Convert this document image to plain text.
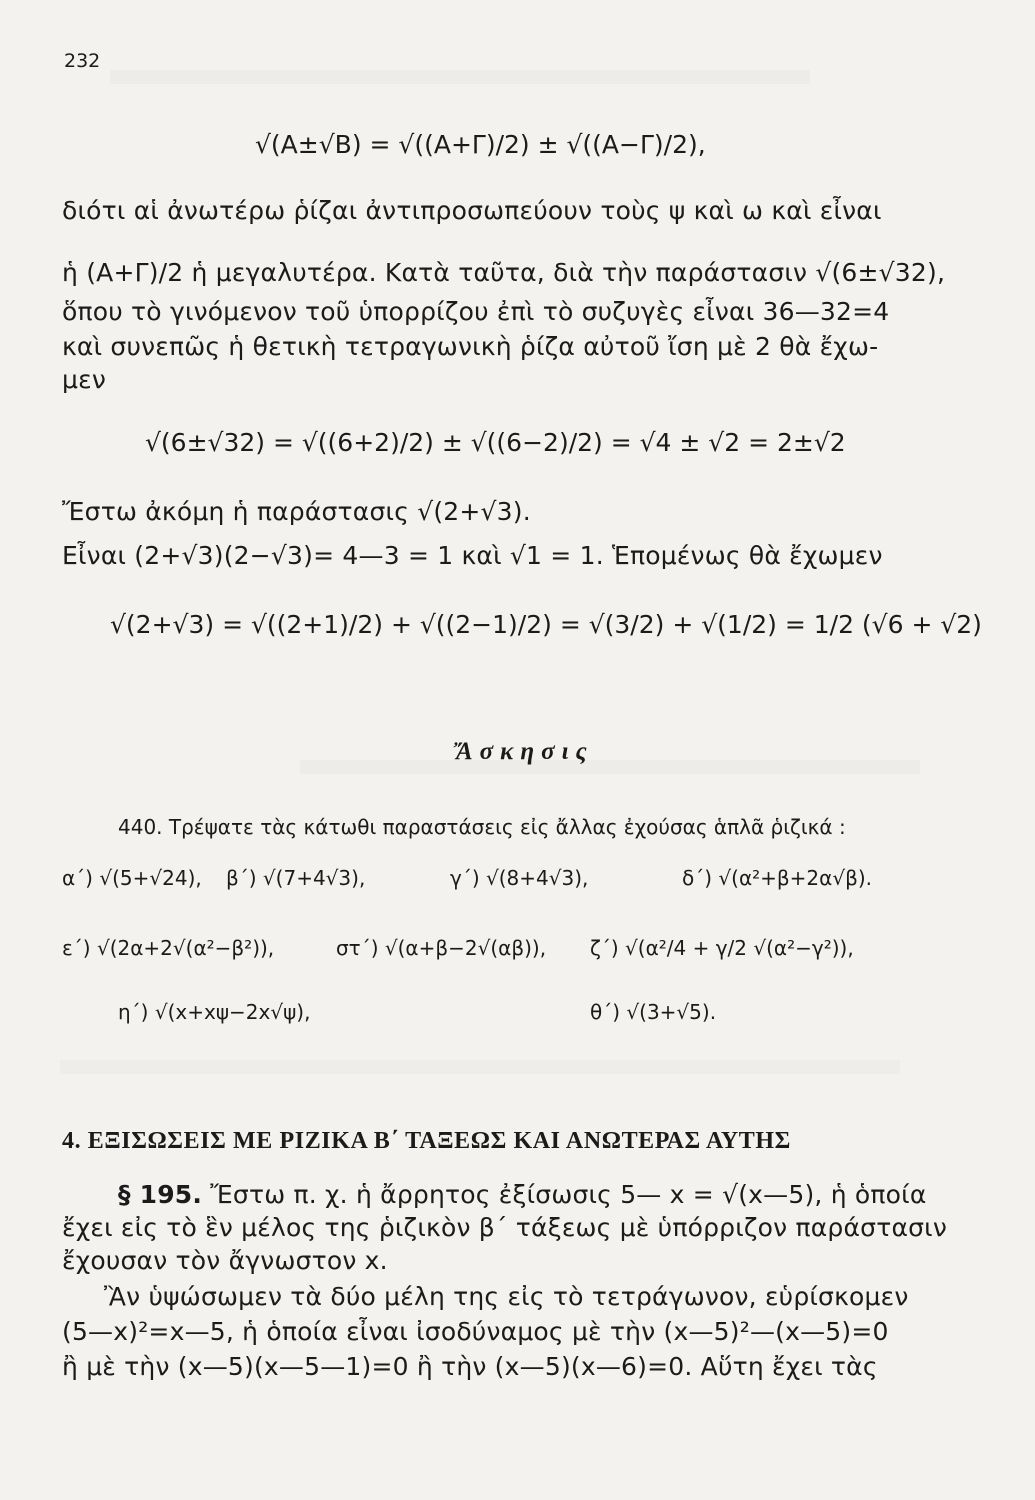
232
√(Α±√Β) = √((Α+Γ)/2) ± √((Α−Γ)/2),
διότι αἱ ἀνωτέρω ῥίζαι ἀντιπροσωπεύουν τοὺς ψ καὶ ω καὶ εἶναι
ἡ (Α+Γ)/2 ἡ μεγαλυτέρα. Κατὰ ταῦτα, διὰ τὴν παράστασιν √(6±√32),
ὅπου τὸ γινόμενον τοῦ ὑπορρίζου ἐπὶ τὸ συζυγὲς εἶναι 36—32=4
καὶ συνεπῶς ἡ θετικὴ τετραγωνικὴ ῥίζα αὐτοῦ ἴση μὲ 2 θὰ ἔχω-
μεν
√(6±√32) = √((6+2)/2) ± √((6−2)/2) = √4 ± √2 = 2±√2
Ἔστω ἀκόμη ἡ παράστασις √(2+√3).
Εἶναι (2+√3)(2−√3)= 4—3 = 1 καὶ √1 = 1. Ἑπομένως θὰ ἔχωμεν
√(2+√3) = √((2+1)/2) + √((2−1)/2) = √(3/2) + √(1/2) = 1/2 (√6 + √2)
Ἄσκησις
440. Τρέψατε τὰς κάτωθι παραστάσεις εἰς ἄλλας ἐχούσας ἁπλᾶ ῥιζικά :
α΄) √(5+√24), β΄) √(7+4√3),	γ΄) √(8+4√3),	δ΄) √(α²+β+2α√β).
ε΄) √(2α+2√(α²−β²)),	στ΄) √(α+β−2√(αβ)), ζ΄) √(α²/4 + γ/2 √(α²−γ²)),
η΄) √(x+xψ−2x√ψ),	θ΄) √(3+√5).
4. ΕΞΙΣΩΣΕΙΣ ΜΕ ΡΙΖΙΚΑ Β΄ ΤΑΞΕΩΣ ΚΑΙ ΑΝΩΤΕΡΑΣ ΑΥΤΗΣ
§ 195. Ἔστω π. χ. ἡ ἄρρητος ἐξίσωσις 5— x = √(x—5), ἡ ὁποία
ἔχει εἰς τὸ ἓν μέλος της ῥιζικὸν β΄ τάξεως μὲ ὑπόρριζον παράστασιν
ἔχουσαν τὸν ἄγνωστον x.
Ἂν ὑψώσωμεν τὰ δύο μέλη της εἰς τὸ τετράγωνον, εὑρίσκομεν
(5—x)²=x—5, ἡ ὁποία εἶναι ἰσοδύναμος μὲ τὴν (x—5)²—(x—5)=0
ἢ μὲ τὴν (x—5)(x—5—1)=0 ἢ τὴν (x—5)(x—6)=0. Αὕτη ἔχει τὰς
